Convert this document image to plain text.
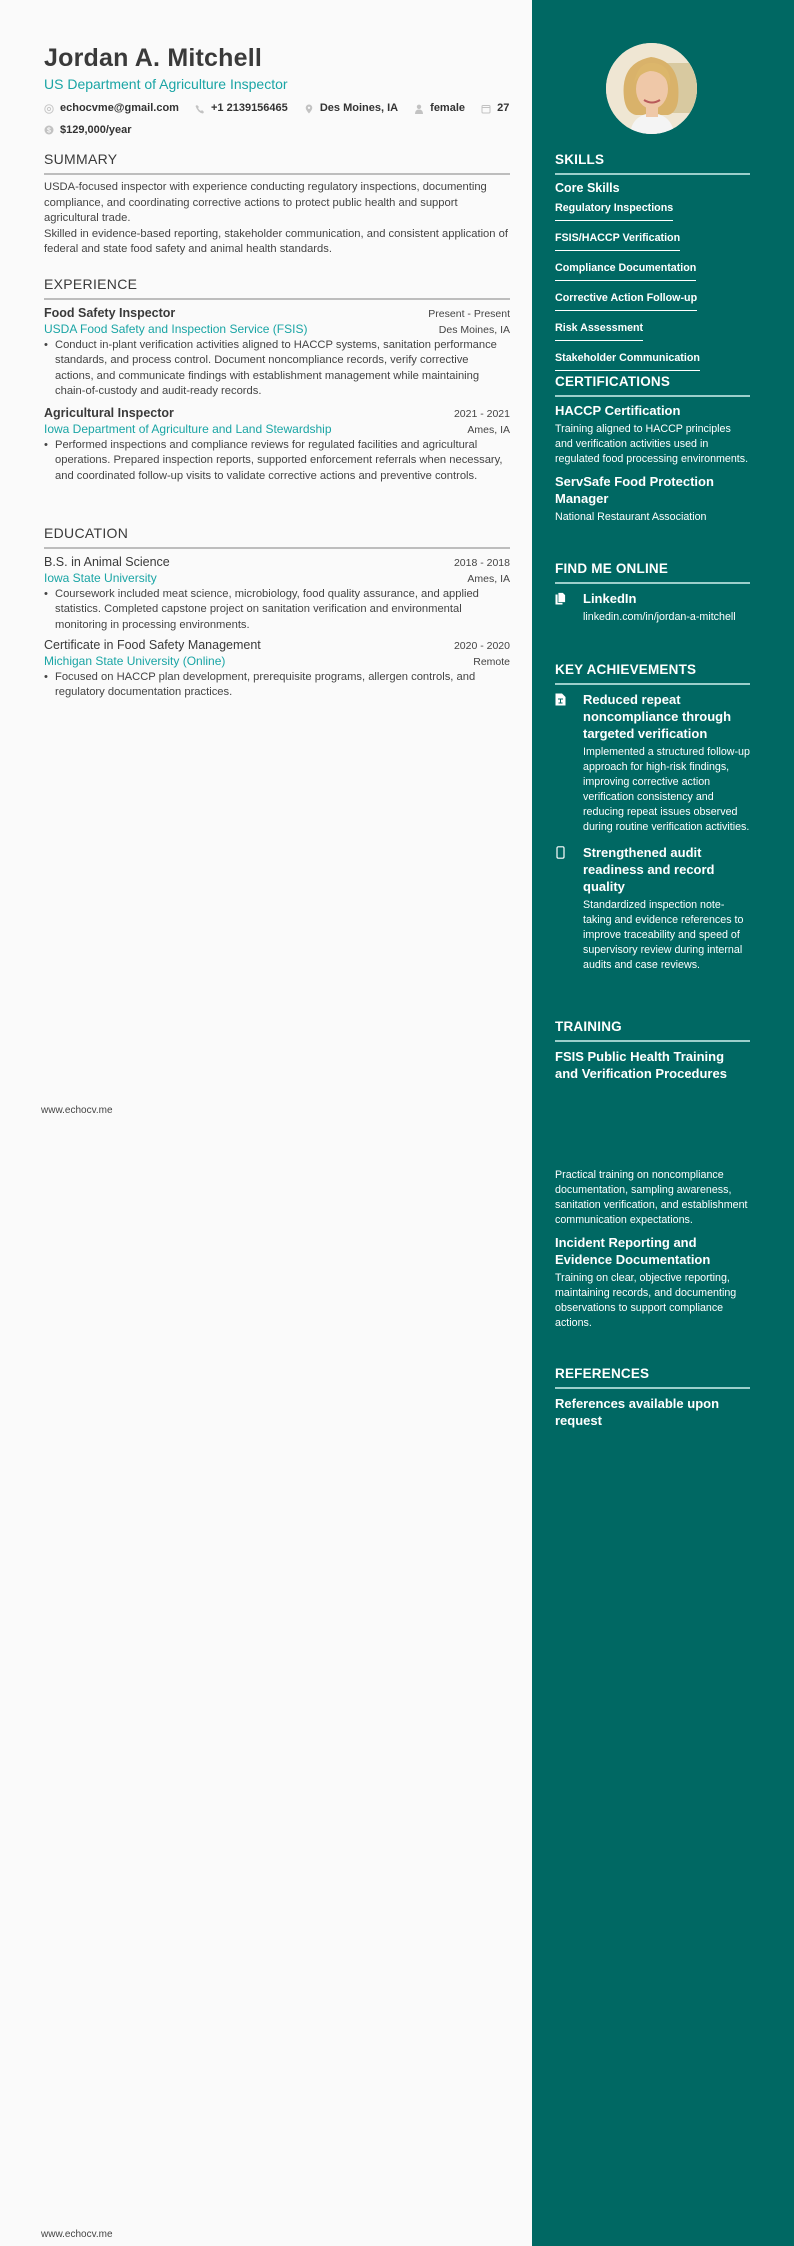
Jordan A. Mitchell
US Department of Agriculture Inspector
echocvme@gmail.com
	+1 2139156465
	Des Moines, IA
	female
	27

$ $129,000/year
SUMMARY
USDA-focused inspector with experience conducting regulatory inspections, documenting compliance, and coordinating corrective actions to protect public health and support agricultural trade.
Skilled in evidence-based reporting, stakeholder communication, and consistent application of federal and state food safety and animal health standards.
EXPERIENCE
Food Safety Inspector	Present - Present
USDA Food Safety and Inspection Service (FSIS)	Des Moines, IA
• Conduct in-plant verification activities aligned to HACCP systems, sanitation performance standards, and process control. Document noncompliance records, verify corrective actions, and communicate findings with establishment management while maintaining chain-of-custody and audit-ready records.
Agricultural Inspector	2021 - 2021
Iowa Department of Agriculture and Land Stewardship	Ames, IA
• Performed inspections and compliance reviews for regulated facilities and agricultural operations. Prepared inspection reports, supported enforcement referrals when necessary, and coordinated follow-up visits to validate corrective actions and preventive controls.
EDUCATION
B.S. in Animal Science	2018 - 2018
Iowa State University	Ames, IA
• Coursework included meat science, microbiology, food quality assurance, and applied statistics. Completed capstone project on sanitation verification and environmental monitoring in processing environments.
Certificate in Food Safety Management	2020 - 2020
Michigan State University (Online)	Remote
• Focused on HACCP plan development, prerequisite programs, allergen controls, and regulatory documentation practices.
www.echocv.me
www.echocv.me
SKILLS
Core Skills
Regulatory Inspections
FSIS/HACCP Verification
Compliance Documentation
Corrective Action Follow-up
Risk Assessment
Stakeholder Communication
CERTIFICATIONS
HACCP Certification
Training aligned to HACCP principles and verification activities used in regulated food processing environments.
ServSafe Food Protection Manager
National Restaurant Association
FIND ME ONLINE
LinkedIn
linkedin.com/in/jordan-a-mitchell
KEY ACHIEVEMENTS
Reduced repeat noncompliance through targeted verification
Implemented a structured follow-up approach for high-risk findings, improving corrective action verification consistency and reducing repeat issues observed during routine verification activities.
Strengthened audit readiness and record quality
Standardized inspection note-taking and evidence references to improve traceability and speed of supervisory review during internal audits and case reviews.
TRAINING
FSIS Public Health Training and Verification Procedures
Practical training on noncompliance documentation, sampling awareness, sanitation verification, and establishment communication expectations.
Incident Reporting and Evidence Documentation
Training on clear, objective reporting, maintaining records, and documenting observations to support compliance actions.
REFERENCES
References available upon request
